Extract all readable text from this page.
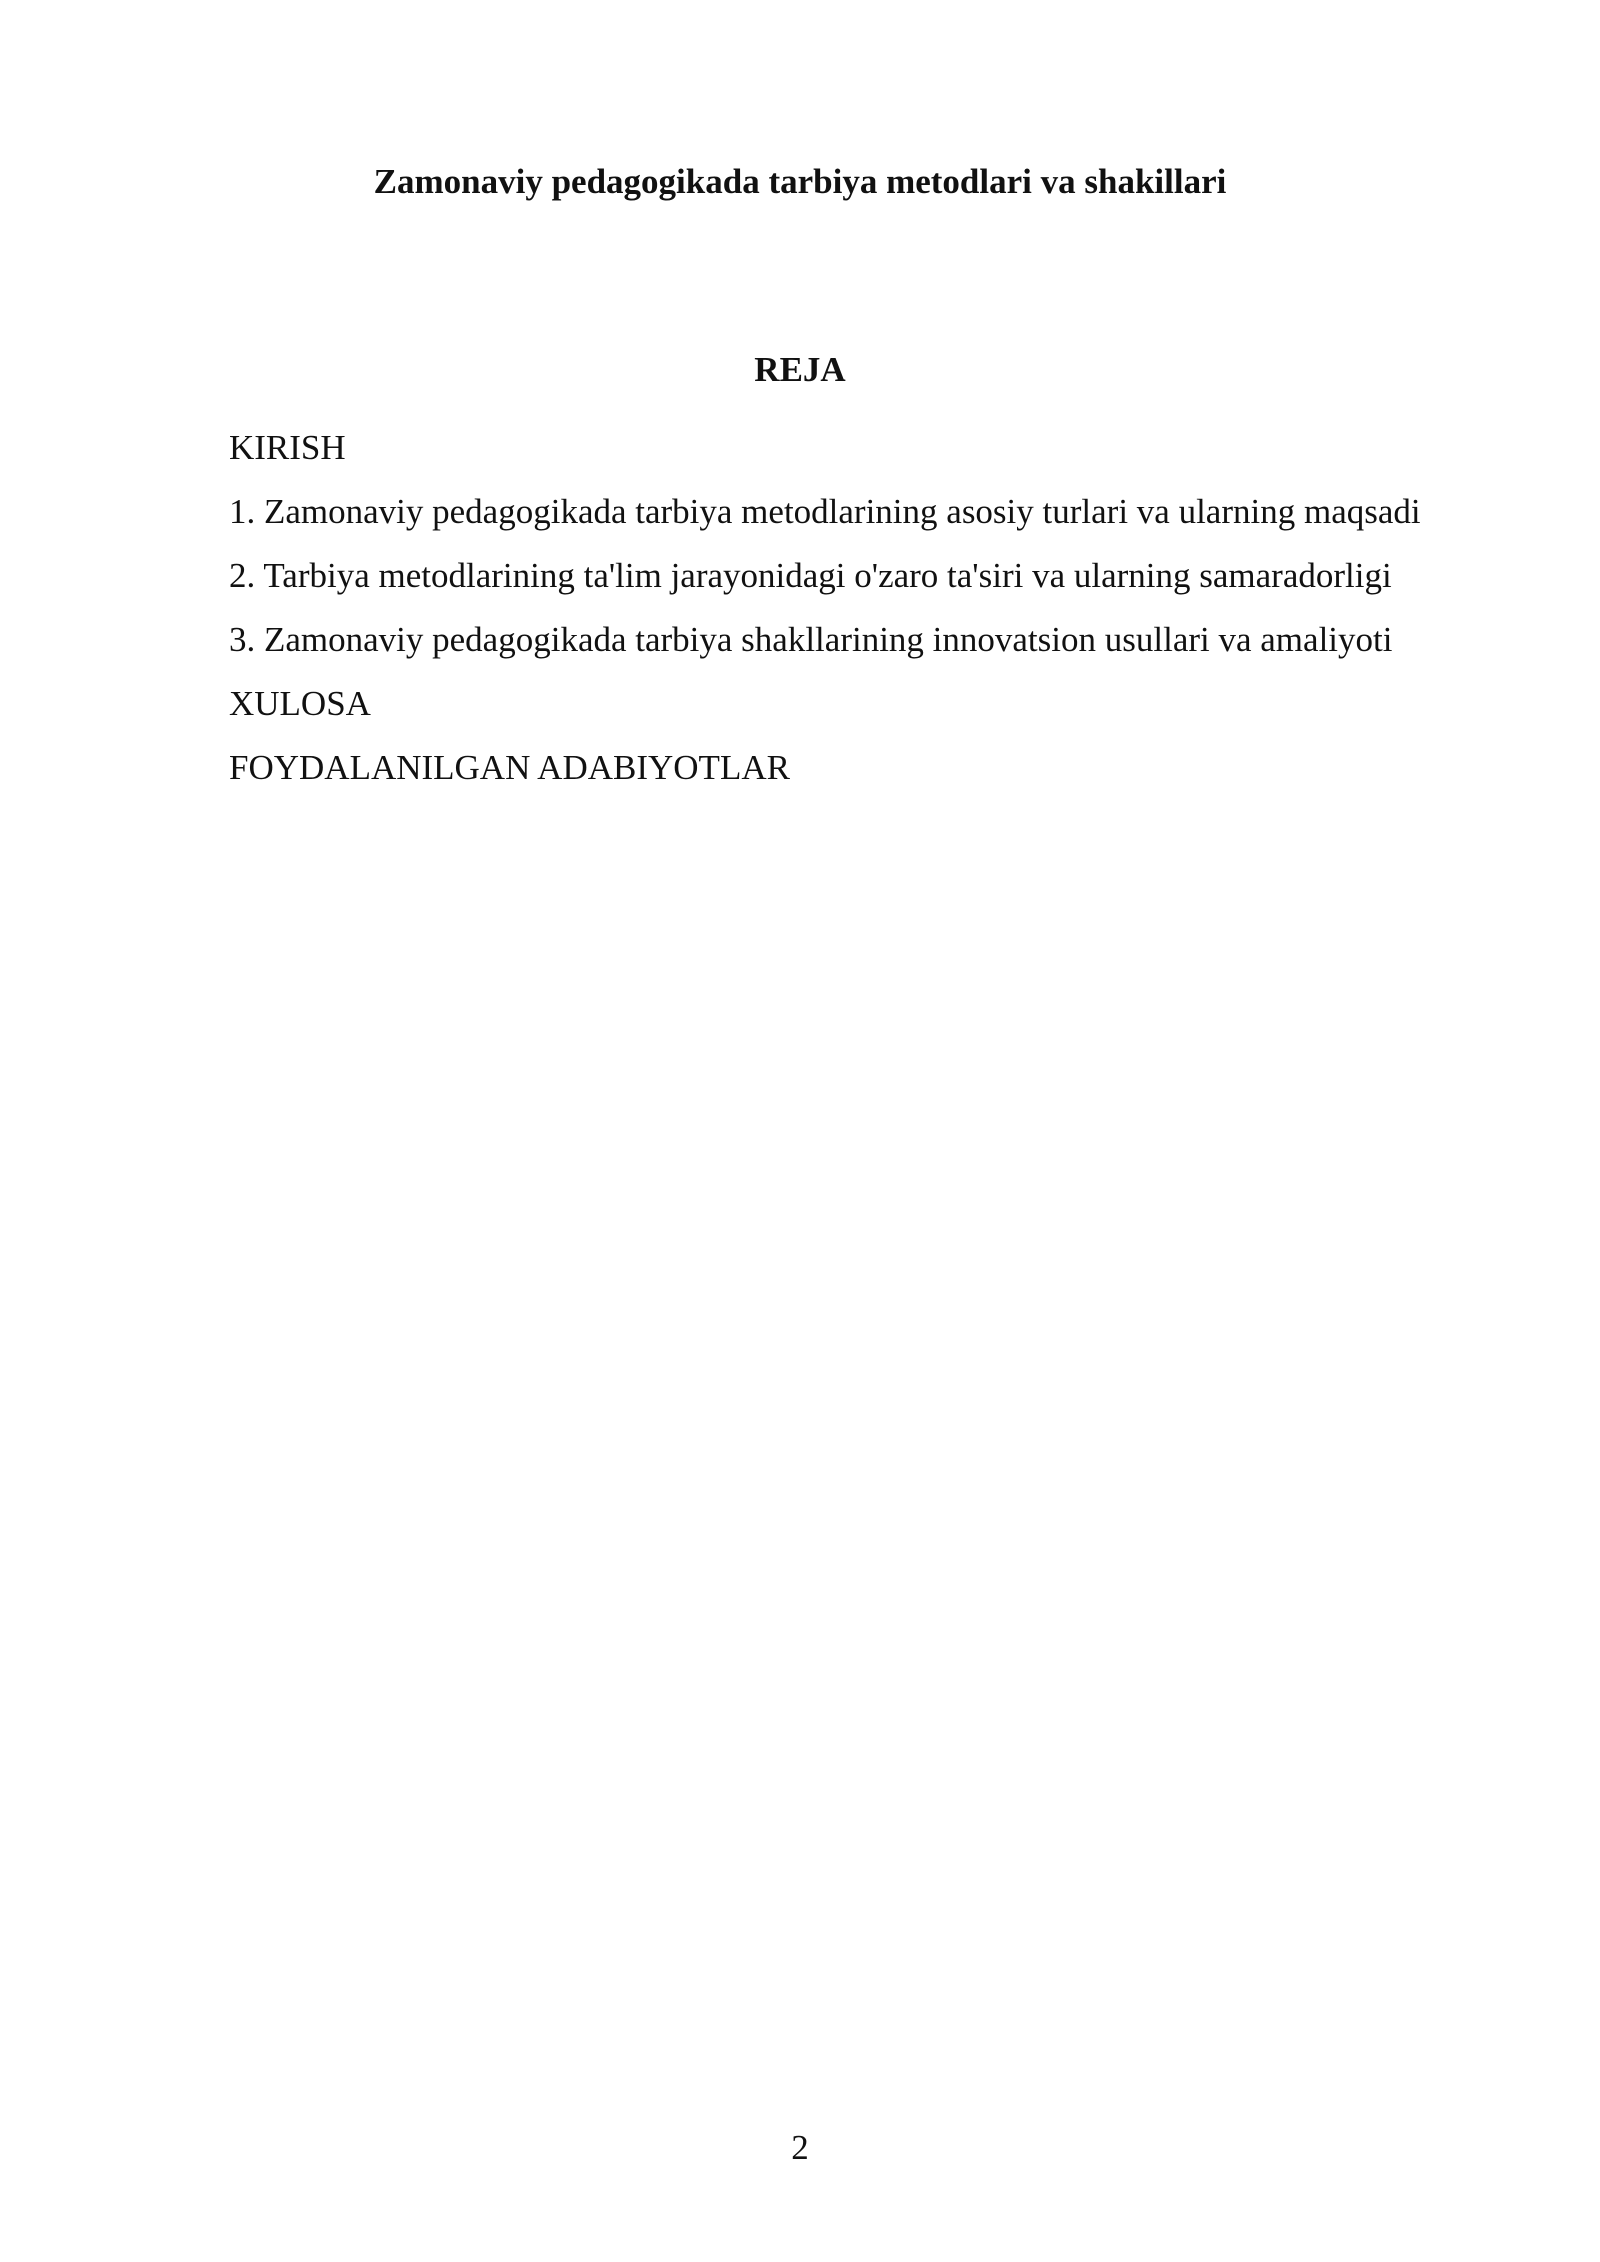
Zamonaviy pedagogikada tarbiya metodlari va shakillari
REJA
KIRISH
1. Zamonaviy pedagogikada tarbiya metodlarining asosiy turlari va ularning maqsadi
2. Tarbiya metodlarining ta'lim jarayonidagi o'zaro ta'siri va ularning samaradorligi
3. Zamonaviy pedagogikada tarbiya shakllarining innovatsion usullari va amaliyoti
XULOSA
FOYDALANILGAN ADABIYOTLAR
2
